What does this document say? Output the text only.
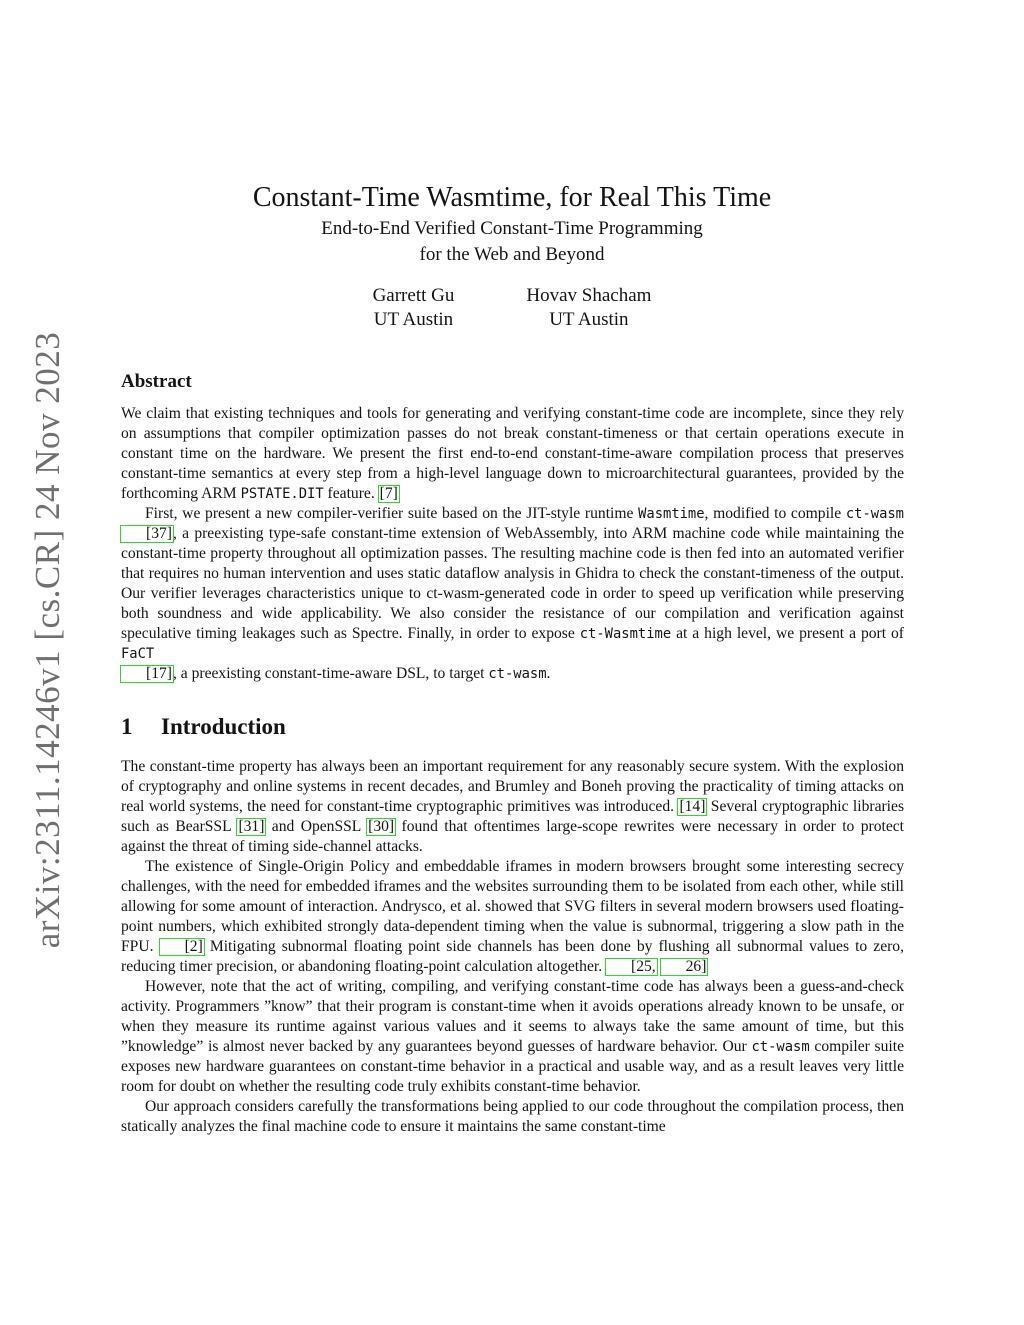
arXiv:2311.14246v1 [cs.CR] 24 Nov 2023
Constant-Time Wasmtime, for Real This Time
End-to-End Verified Constant-Time Programming
for the Web and Beyond
Garrett Gu
UT Austin
Hovav Shacham
UT Austin
Abstract

We claim that existing techniques and tools for generating and verifying constant-time code are incomplete, since they rely on assumptions that compiler optimization passes do not break constant-timeness or that certain operations execute in constant time on the hardware. We present the first end-to-end constant-time-aware compilation process that preserves constant-time semantics at every step from a high-level language down to microarchitectural guarantees, provided by the forthcoming ARM PSTATE.DIT feature. [7]

First, we present a new compiler-verifier suite based on the JIT-style runtime Wasmtime, modified to compile ct-wasm [37], a preexisting type-safe constant-time extension of WebAssembly, into ARM machine code while maintaining the constant-time property throughout all optimization passes. The resulting machine code is then fed into an automated verifier that requires no human intervention and uses static dataflow analysis in Ghidra to check the constant-timeness of the output. Our verifier leverages characteristics unique to ct-wasm-generated code in order to speed up verification while preserving both soundness and wide applicability. We also consider the resistance of our compilation and verification against speculative timing leakages such as Spectre. Finally, in order to expose ct-Wasmtime at a high level, we present a port of FaCT
[17], a preexisting constant-time-aware DSL, to target ct-wasm.

1 Introduction

The constant-time property has always been an important requirement for any reasonably secure system. With the explosion of cryptography and online systems in recent decades, and Brumley and Boneh proving the practicality of timing attacks on real world systems, the need for constant-time cryptographic primitives was introduced. [14] Several cryptographic libraries such as BearSSL [31] and OpenSSL [30] found that oftentimes large-scope rewrites were necessary in order to protect against the threat of timing side-channel attacks.

The existence of Single-Origin Policy and embeddable iframes in modern browsers brought some interesting secrecy challenges, with the need for embedded iframes and the websites surrounding them to be isolated from each other, while still allowing for some amount of interaction. Andrysco, et al. showed that SVG filters in several modern browsers used floating-point numbers, which exhibited strongly data-dependent timing when the value is subnormal, triggering a slow path in the FPU. [2] Mitigating subnormal floating point side channels has been done by flushing all subnormal values to zero, reducing timer precision, or abandoning floating-point calculation altogether. [25, 26]

However, note that the act of writing, compiling, and verifying constant-time code has always been a guess-and-check activity. Programmers ”know” that their program is constant-time when it avoids operations already known to be unsafe, or when they measure its runtime against various values and it seems to always take the same amount of time, but this ”knowledge” is almost never backed by any guarantees beyond guesses of hardware behavior. Our ct-wasm compiler suite exposes new hardware guarantees on constant-time behavior in a practical and usable way, and as a result leaves very little room for doubt on whether the resulting code truly exhibits constant-time behavior.

Our approach considers carefully the transformations being applied to our code throughout the compilation process, then statically analyzes the final machine code to ensure it maintains the same constant-time
